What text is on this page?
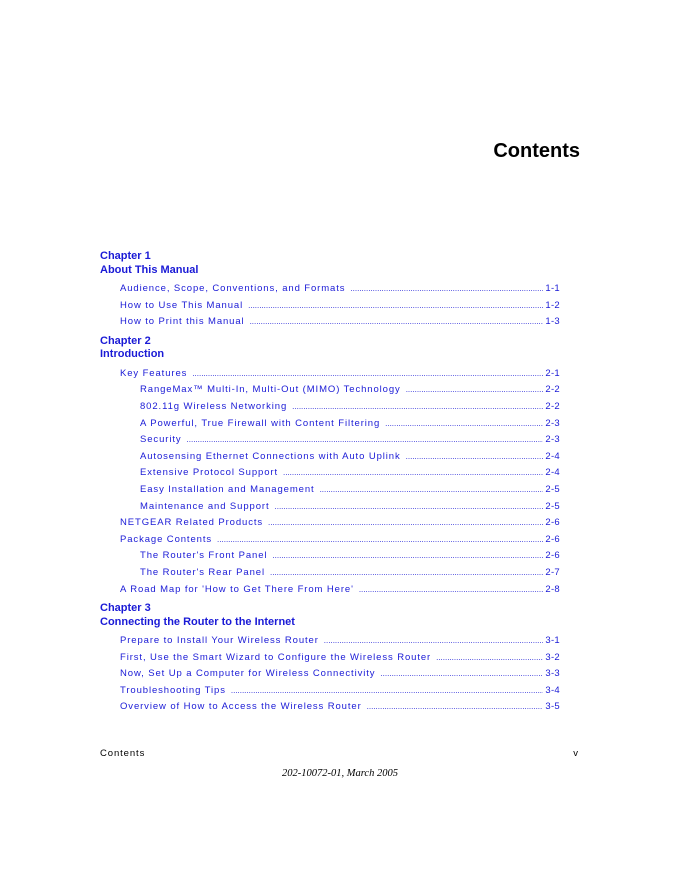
Contents
Chapter 1
About This Manual
Audience, Scope, Conventions, and Formats .....	1-1
How to Use This Manual .....	1-2
How to Print this Manual .....	1-3
Chapter 2
Introduction
Key Features .....	2-1
RangeMax™ Multi-In, Multi-Out (MIMO) Technology .....	2-2
802.11g Wireless Networking .....	2-2
A Powerful, True Firewall with Content Filtering .....	2-3
Security .....	2-3
Autosensing Ethernet Connections with Auto Uplink .....	2-4
Extensive Protocol Support .....	2-4
Easy Installation and Management .....	2-5
Maintenance and Support .....	2-5
NETGEAR Related Products .....	2-6
Package Contents .....	2-6
The Router's Front Panel .....	2-6
The Router's Rear Panel .....	2-7
A Road Map for 'How to Get There From Here' .....	2-8
Chapter 3
Connecting the Router to the Internet
Prepare to Install Your Wireless Router .....	3-1
First, Use the Smart Wizard to Configure the Wireless Router .....	3-2
Now, Set Up a Computer for Wireless Connectivity .....	3-3
Troubleshooting Tips .....	3-4
Overview of How to Access the Wireless Router .....	3-5
Contents	v
202-10072-01, March 2005
